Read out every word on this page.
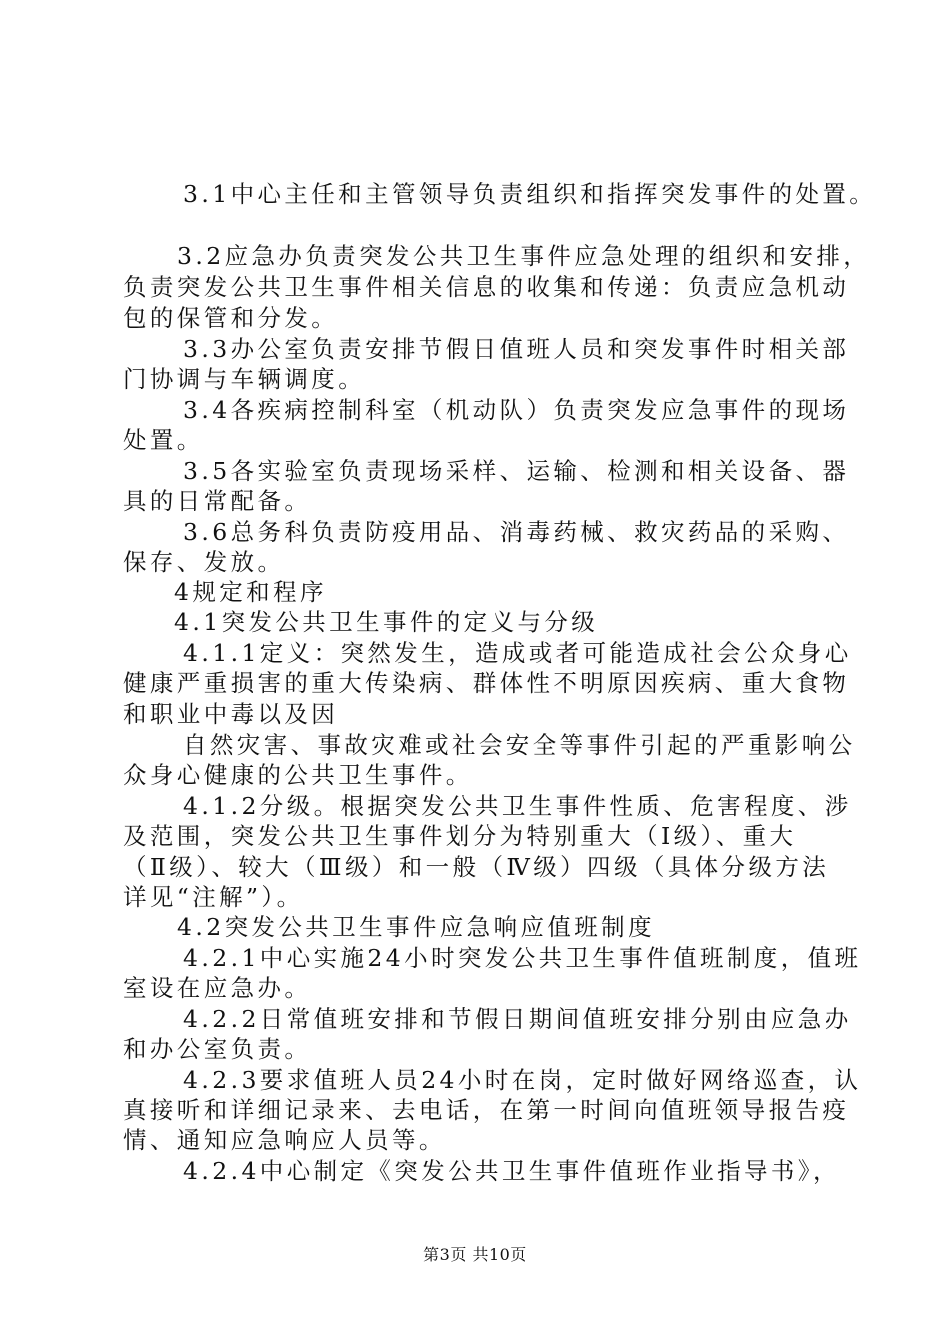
3.1中心主任和主管领导负责组织和指挥突发事件的处置。

3.2应急办负责突发公共卫生事件应急处理的组织和安排，

负责突发公共卫生事件相关信息的收集和传递：负责应急机动

包的保管和分发。

3.3办公室负责安排节假日值班人员和突发事件时相关部

门协调与车辆调度。

3.4各疾病控制科室（机动队）负责突发应急事件的现场

处置。

3.5各实验室负责现场采样、运输、检测和相关设备、器

具的日常配备。

3.6总务科负责防疫用品、消毒药械、救灾药品的采购、

保存、发放。

4规定和程序

4.1突发公共卫生事件的定义与分级

4.1.1定义：突然发生，造成或者可能造成社会公众身心

健康严重损害的重大传染病、群体性不明原因疾病、重大食物

和职业中毒以及因

自然灾害、事故灾难或社会安全等事件引起的严重影响公

众身心健康的公共卫生事件。

4.1.2分级。根据突发公共卫生事件性质、危害程度、涉

及范围，突发公共卫生事件划分为特别重大（Ⅰ级）、重大

（Ⅱ级）、较大（Ⅲ级）和一般（Ⅳ级）四级（具体分级方法

详见“注解”）。

4.2突发公共卫生事件应急响应值班制度

4.2.1中心实施24小时突发公共卫生事件值班制度，值班

室设在应急办。

4.2.2日常值班安排和节假日期间值班安排分别由应急办

和办公室负责。

4.2.3要求值班人员24小时在岗，定时做好网络巡查，认

真接听和详细记录来、去电话，在第一时间向值班领导报告疫

情、通知应急响应人员等。

4.2.4中心制定《突发公共卫生事件值班作业指导书》，

第3页 共10页
